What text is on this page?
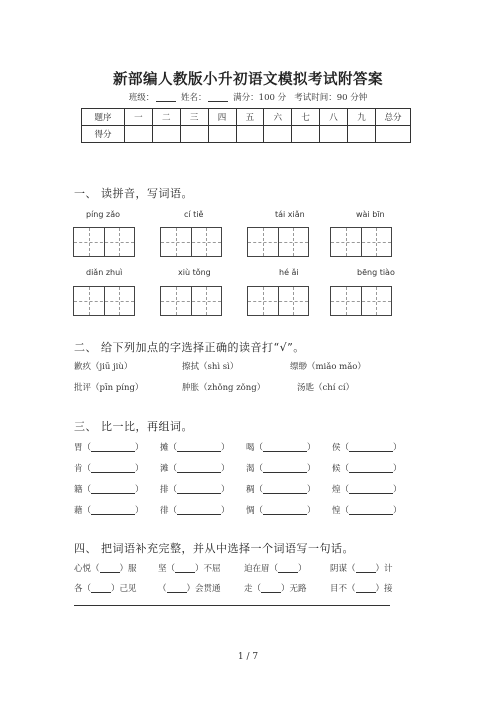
新部编人教版小升初语文模拟考试附答案
班级：	姓名：	满分：100 分 考试时间：90 分钟
题序	一	二	三	四	五	六	七	八	九	总分
得分										
一、 读拼音，写词语。
píng zǎo	cí tiě	tái xiǎn	wài bīn
diǎn zhuì	xiù tǒng	hé ǎi	bēng tiào
二、 给下列加点的字选择正确的读音打“√”。
歉疚（jiū jiù）	擦拭（shì sì）	缥缈（miǎo mǎo）
批评（pīn píng）	肿胀（zhǒng zǒng）	汤匙（chí cí）
三、 比一比，再组词。
胃（	） 摊（	） 喝（	） 侯（	）
肯（	） 滩（	） 渴（	） 候（	）
籍（	） 排（	） 稠（	） 煌（	）
藉（	） 徘（	） 惆（	） 惶（	）
四、 把词语补充完整，并从中选择一个词语写一句话。
心悦（ ）服	坚（ ）不屈	迫在眉（ ）	阴谋（ ）计
各（ ）己见	（ ）会贯通	走（ ）无路	目不（ ）接
1 / 7
